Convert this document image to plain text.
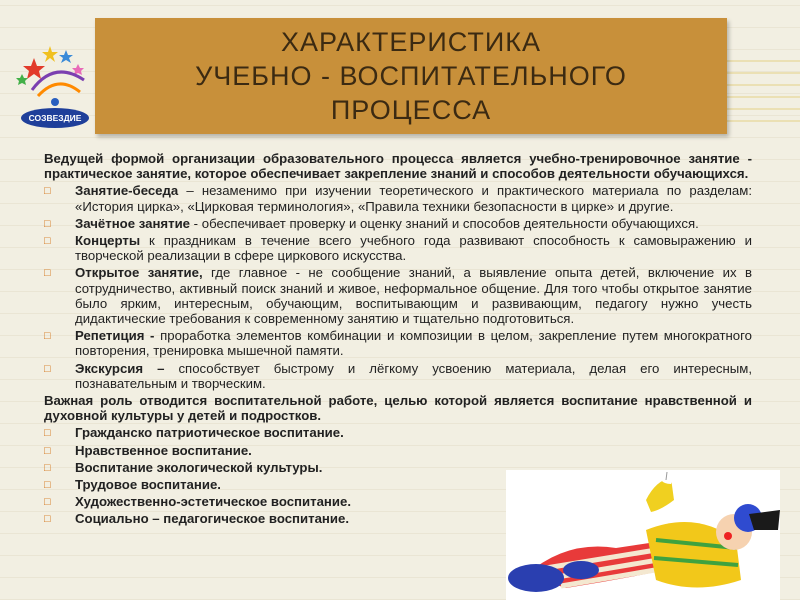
СОЗВЕЗДИЕ
ХАРАКТЕРИСТИКА
УЧЕБНО - ВОСПИТАТЕЛЬНОГО
ПРОЦЕССА
Ведущей формой организации образовательного процесса является учебно-тренировочное занятие - практическое занятие, которое обеспечивает закрепление знаний и способов деятельности обучающихся.
□ Занятие-беседа – незаменимо при изучении теоретического и практического материала по разделам: «История цирка», «Цирковая терминология», «Правила техники безопасности в цирке» и другие.
□ Зачётное занятие - обеспечивает проверку и оценку знаний и способов деятельности обучающихся.
□ Концерты к праздникам в течение всего учебного года развивают способность к самовыражению и творческой реализации в сфере циркового искусства.
□ Открытое занятие, где главное - не сообщение знаний, а выявление опыта детей, включение их в сотрудничество, активный поиск знаний и живое, неформальное общение. Для того чтобы открытое занятие было ярким, интересным, обучающим, воспитывающим и развивающим, педагогу нужно учесть дидактические требования к современному занятию и тщательно подготовиться.
□ Репетиция - проработка элементов комбинации и композиции в целом, закрепление путем многократного повторения, тренировка мышечной памяти.
□ Экскурсия – способствует быстрому и лёгкому усвоению материала, делая его интересным, познавательным и творческим.
Важная роль отводится воспитательной работе, целью которой является воспитание нравственной и духовной культуры у детей и подростков.
□ Гражданско патриотическое воспитание.
□ Нравственное воспитание.
□ Воспитание экологической культуры.
□ Трудовое воспитание.
□ Художественно-эстетическое воспитание.
□ Социально – педагогическое воспитание.
